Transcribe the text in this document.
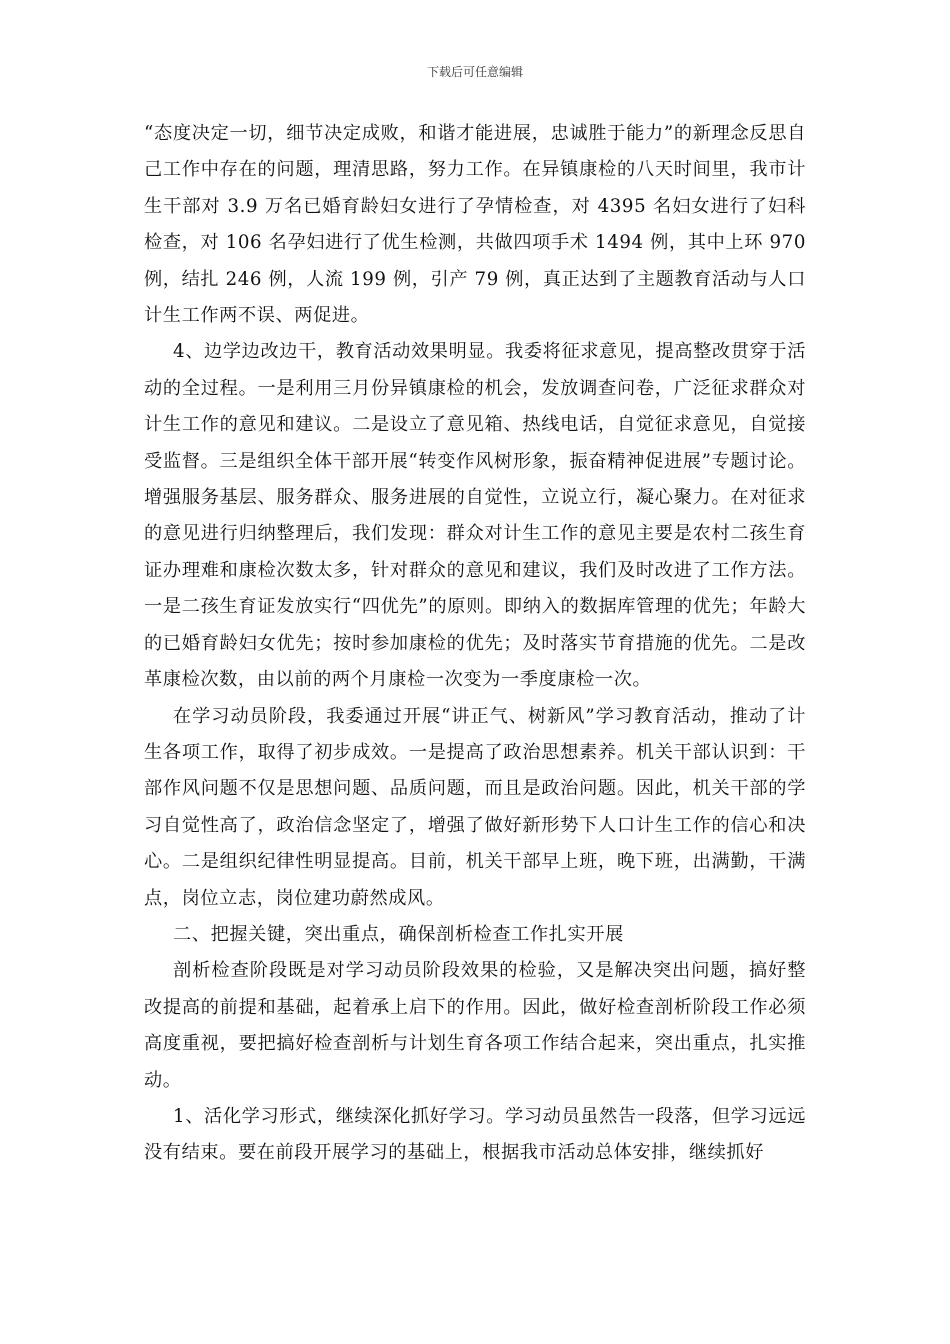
下载后可任意编辑

“态度决定一切，细节决定成败，和谐才能进展，忠诚胜于能力”的新理念反思自己工作中存在的问题，理清思路，努力工作。在异镇康检的八天时间里，我市计生干部对 3.9 万名已婚育龄妇女进行了孕情检查，对 4395 名妇女进行了妇科检查，对 106 名孕妇进行了优生检测，共做四项手术 1494 例，其中上环 970 例，结扎 246 例，人流 199 例，引产 79 例，真正达到了主题教育活动与人口计生工作两不误、两促进。

4、边学边改边干，教育活动效果明显。我委将征求意见，提高整改贯穿于活动的全过程。一是利用三月份异镇康检的机会，发放调查问卷，广泛征求群众对计生工作的意见和建议。二是设立了意见箱、热线电话，自觉征求意见，自觉接受监督。三是组织全体干部开展“转变作风树形象，振奋精神促进展”专题讨论。增强服务基层、服务群众、服务进展的自觉性，立说立行，凝心聚力。在对征求的意见进行归纳整理后，我们发现：群众对计生工作的意见主要是农村二孩生育证办理难和康检次数太多，针对群众的意见和建议，我们及时改进了工作方法。一是二孩生育证发放实行“四优先”的原则。即纳入的数据库管理的优先；年龄大的已婚育龄妇女优先；按时参加康检的优先；及时落实节育措施的优先。二是改革康检次数，由以前的两个月康检一次变为一季度康检一次。

在学习动员阶段，我委通过开展“讲正气、树新风”学习教育活动，推动了计生各项工作，取得了初步成效。一是提高了政治思想素养。机关干部认识到：干部作风问题不仅是思想问题、品质问题，而且是政治问题。因此，机关干部的学习自觉性高了，政治信念坚定了，增强了做好新形势下人口计生工作的信心和决心。二是组织纪律性明显提高。目前，机关干部早上班，晚下班，出满勤，干满点，岗位立志，岗位建功蔚然成风。

二、把握关键，突出重点，确保剖析检查工作扎实开展

剖析检查阶段既是对学习动员阶段效果的检验，又是解决突出问题，搞好整改提高的前提和基础，起着承上启下的作用。因此，做好检查剖析阶段工作必须高度重视，要把搞好检查剖析与计划生育各项工作结合起来，突出重点，扎实推动。

1、活化学习形式，继续深化抓好学习。学习动员虽然告一段落，但学习远远没有结束。要在前段开展学习的基础上，根据我市活动总体安排，继续抓好
